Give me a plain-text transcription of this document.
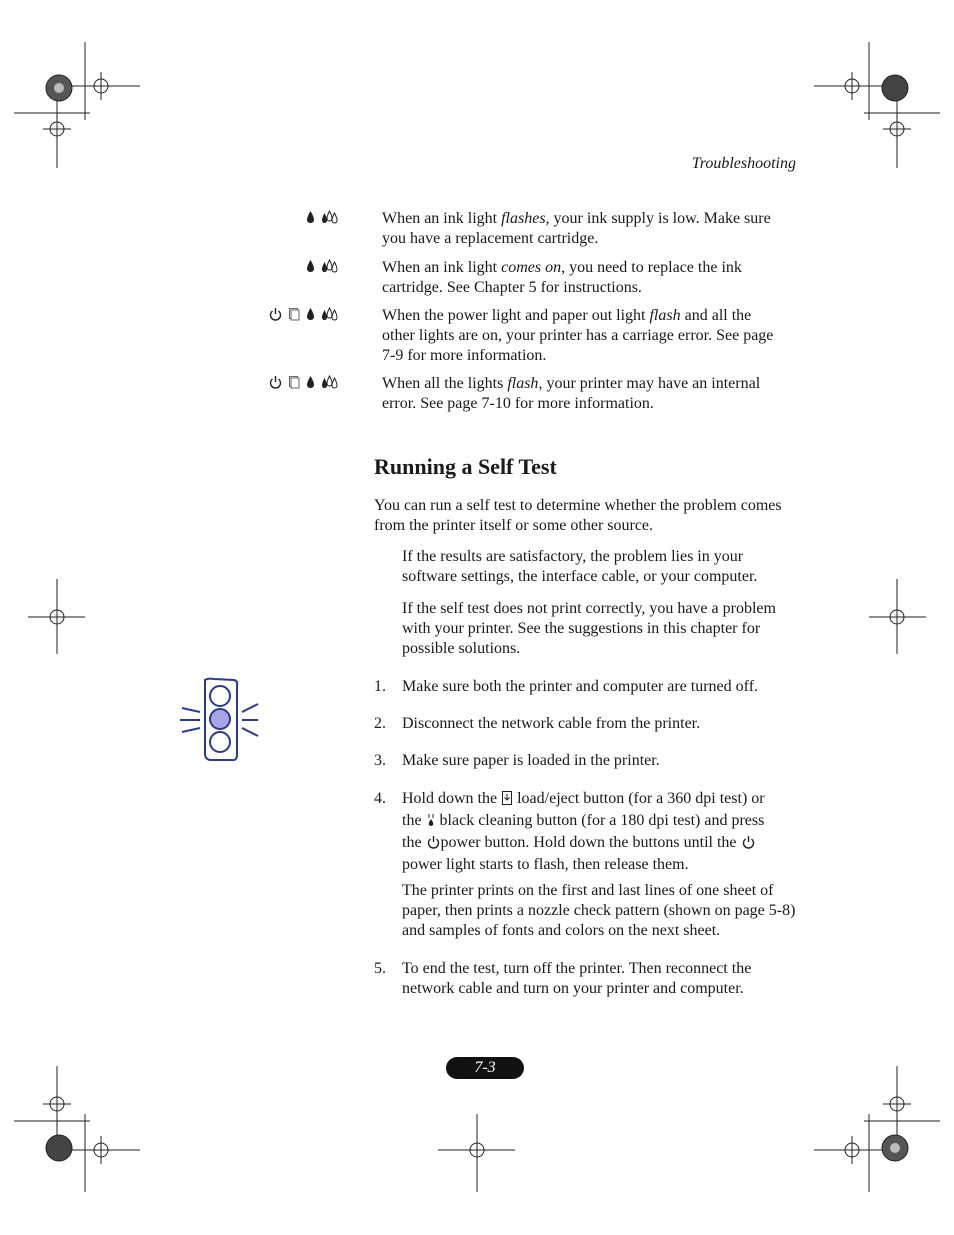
Troubleshooting
When an ink light flashes, your ink supply is low. Make sure you have a replacement cartridge.
When an ink light comes on, you need to replace the ink cartridge. See Chapter 5 for instructions.
When the power light and paper out light flash and all the other lights are on, your printer has a carriage error. See page 7-9 for more information.
When all the lights flash, your printer may have an internal error. See page 7-10 for more information.
Running a Self Test
You can run a self test to determine whether the problem comes from the printer itself or some other source.
If the results are satisfactory, the problem lies in your software settings, the interface cable, or your computer.
If the self test does not print correctly, you have a problem with your printer. See the suggestions in this chapter for possible solutions.
1.	Make sure both the printer and computer are turned off.
2.	Disconnect the network cable from the printer.
3.	Make sure paper is loaded in the printer.
4.	Hold down the  load/eject button (for a 360 dpi test) or the  black cleaning button (for a 180 dpi test) and press the power button. Hold down the buttons until the power light starts to flash, then release them.
The printer prints on the first and last lines of one sheet of paper, then prints a nozzle check pattern (shown on page 5-8) and samples of fonts and colors on the next sheet.
5.	To end the test, turn off the printer. Then reconnect the network cable and turn on your printer and computer.
7-3
